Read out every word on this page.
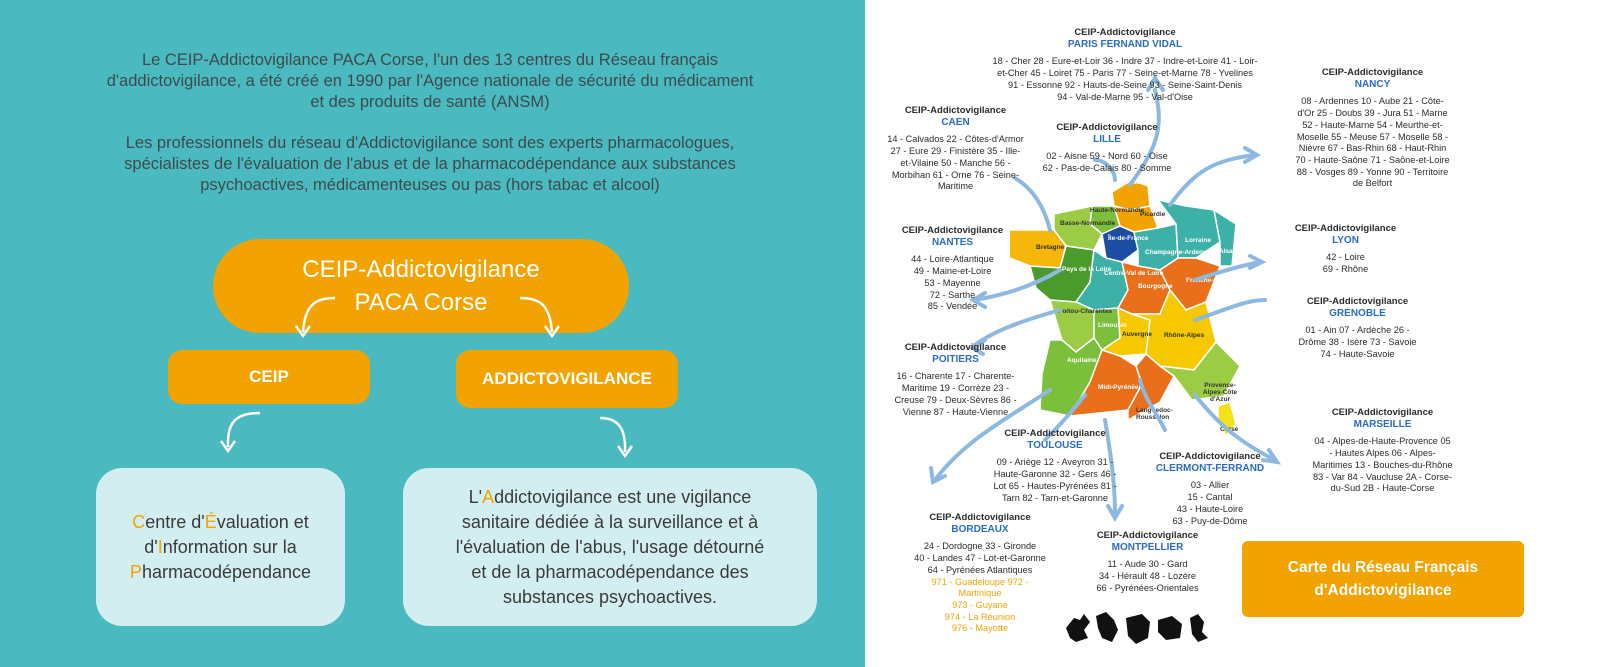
Le CEIP-Addictovigilance PACA Corse, l'un des 13 centres du Réseau français
d'addictovigilance, a été créé en 1990 par l'Agence nationale de sécurité du médicament
et des produits de santé (ANSM)
Les professionnels du réseau d'Addictovigilance sont des experts pharmacologues,
spécialistes de l'évaluation de l'abus et de la pharmacodépendance aux substances
psychoactives, médicamenteuses ou pas (hors tabac et alcool)
CEIP-Addictovigilance
PACA Corse
CEIP	ADDICTOVIGILANCE
Centre d'Évaluation et
d'Information sur la
Pharmacodépendance
L'Addictovigilance est une vigilance
sanitaire dédiée à la surveillance et à
l'évaluation de l'abus, l'usage détourné
et de la pharmacodépendance des
substances psychoactives.
Nord-Pas-de-Calais
Haute-Normandie
Picardie
Basse-Normandie
Bretagne
Île-de-France
Champagne-Ardenne
Lorraine
Alsace
Pays de la Loire
Centre-Val de Loire
Bourgogne
Franche-Comté
Poitou-Charentes
Limousin
Auvergne Rhône-Alpes
Aquitaine
Midi-Pyrénées
Languedoc-Roussillon
Provence-Alpes-Côte d'Azur
Corse
CEIP-Addictovigilance
PARIS FERNAND VIDAL
18 - Cher 28 - Eure-et-Loir 36 - Indre 37 - Indre-et-Loire 41 - Loir-
et-Cher 45 - Loiret 75 - Paris 77 - Seine-et-Marne 78 - Yvelines
91 - Essonne 92 - Hauts-de-Seine 93 - Seine-Saint-Denis
94 - Val-de-Marne 95 - Val-d'Oise
CEIP-Addictovigilance
NANCY
08 - Ardennes 10 - Aube 21 - Côte-
d'Or 25 - Doubs 39 - Jura 51 - Marne
52 - Haute-Marne 54 - Meurthe-et-
Moselle 55 - Meuse 57 - Moselle 58 -
Nièvre 67 - Bas-Rhin 68 - Haut-Rhin
70 - Haute-Saône 71 - Saône-et-Loire
88 - Vosges 89 - Yonne 90 - Territoire
de Belfort
CEIP-Addictovigilance
CAEN
14 - Calvados 22 - Côtes-d'Armor
27 - Eure 29 - Finistère 35 - Ille-
et-Vilaine 50 - Manche 56 -
Morbihan 61 - Orne 76 - Seine-
Maritime
CEIP-Addictovigilance
LILLE
02 - Aisne 59 - Nord 60 - Oise
62 - Pas-de-Calais 80 - Somme
CEIP-Addictovigilance
NANTES
44 - Loire-Atlantique
49 - Maine-et-Loire
53 - Mayenne
72 - Sarthe
85 - Vendée
CEIP-Addictovigilance
LYON
42 - Loire
69 - Rhône
CEIP-Addictovigilance
GRENOBLE
01 - Ain 07 - Ardèche 26 -
Drôme 38 - Isère 73 - Savoie
74 - Haute-Savoie
CEIP-Addictovigilance
POITIERS
16 - Charente 17 - Charente-
Maritime 19 - Corrèze 23 -
Creuse 79 - Deux-Sèvres 86 -
Vienne 87 - Haute-Vienne	CEIP-Addictovigilance
MARSEILLE
04 - Alpes-de-Haute-Provence 05
- Hautes Alpes 06 - Alpes-
Maritimes 13 - Bouches-du-Rhône
83 - Var 84 - Vaucluse 2A - Corse-
du-Sud 2B - Haute-Corse
CEIP-Addictovigilance
TOULOUSE
09 - Ariège 12 - Aveyron 31 -
Haute-Garonne 32 - Gers 46 -
Lot 65 - Hautes-Pyrénées 81 -
Tarn 82 - Tarn-et-Garonne
CEIP-Addictovigilance
CLERMONT-FERRAND
03 - Allier
15 - Cantal
43 - Haute-Loire
63 - Puy-de-Dôme
CEIP-Addictovigilance
BORDEAUX
24 - Dordogne 33 - Gironde
40 - Landes 47 - Lot-et-Garonne
64 - Pyrénées Atlantiques
971 - Guadeloupe 972 -
Martinique
973 - Guyane
974 - La Réunion
976 - Mayotte
CEIP-Addictovigilance
MONTPELLIER
11 - Aude 30 - Gard
34 - Hérault 48 - Lozère
66 - Pyrénées-Orientales
Carte du Réseau Français
d'Addictovigilance
